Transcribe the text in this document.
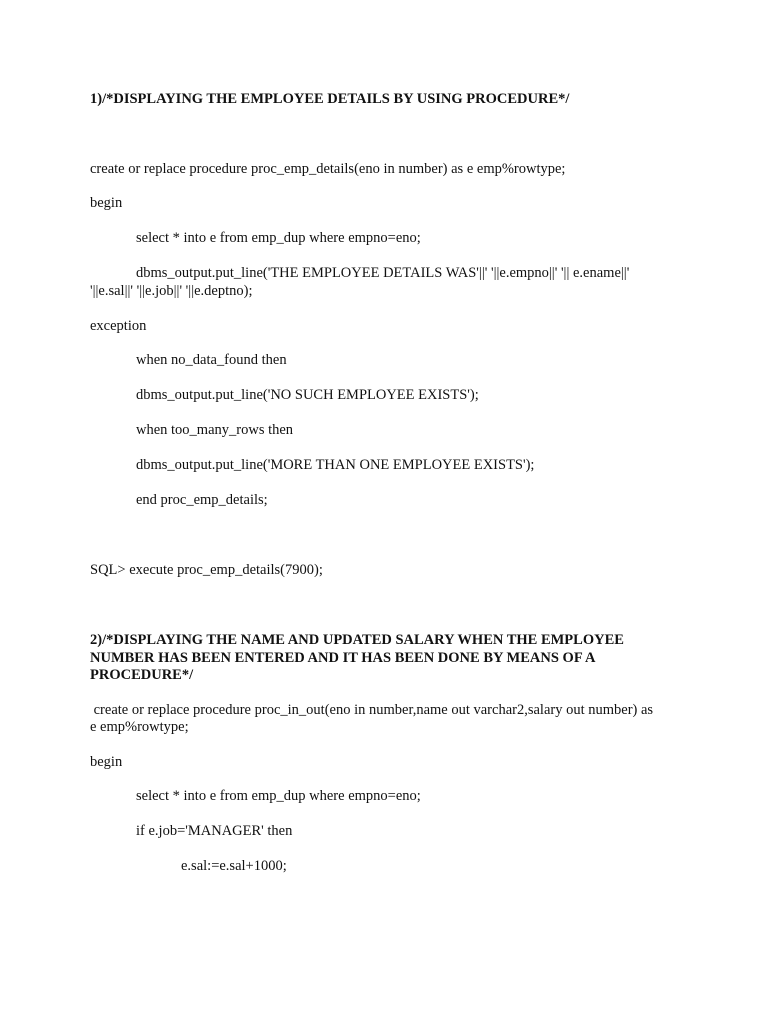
1)/*DISPLAYING THE EMPLOYEE DETAILS BY USING PROCEDURE*/
create or replace procedure proc_emp_details(eno in number) as e emp%rowtype;
begin
select * into e from emp_dup where empno=eno;
dbms_output.put_line('THE EMPLOYEE DETAILS WAS'||' '||e.empno||' '|| e.ename||'
'||e.sal||' '||e.job||' '||e.deptno);
exception
when no_data_found then
dbms_output.put_line('NO SUCH EMPLOYEE EXISTS');
when too_many_rows then
dbms_output.put_line('MORE THAN ONE EMPLOYEE EXISTS');
end proc_emp_details;
SQL> execute proc_emp_details(7900);
2)/*DISPLAYING THE NAME AND UPDATED SALARY WHEN THE EMPLOYEE
NUMBER HAS BEEN ENTERED AND IT HAS BEEN DONE BY MEANS OF A
PROCEDURE*/
create or replace procedure proc_in_out(eno in number,name out varchar2,salary out number) as
e emp%rowtype;
begin
select * into e from emp_dup where empno=eno;
if e.job='MANAGER' then
e.sal:=e.sal+1000;
